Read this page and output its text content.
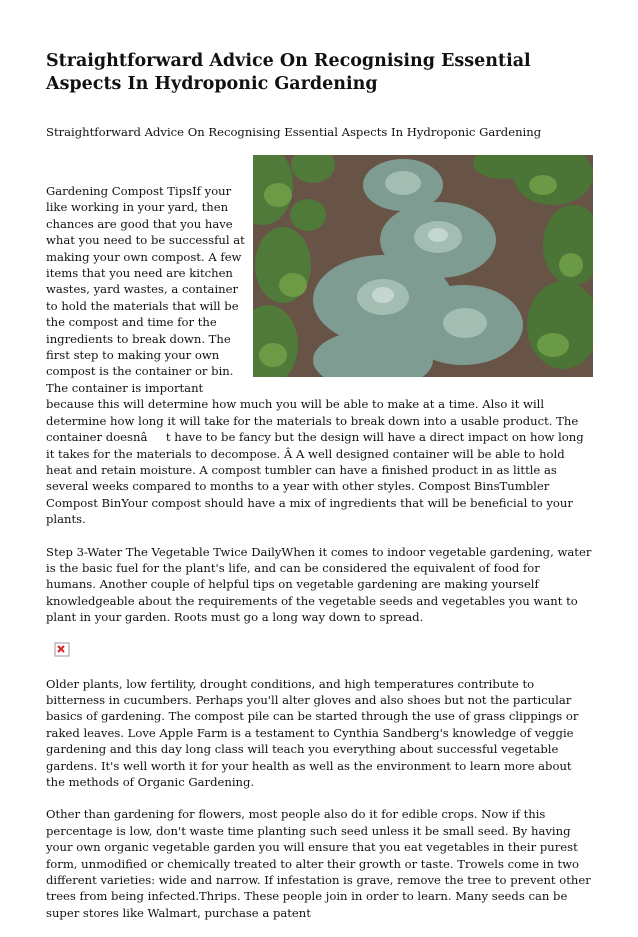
Straightforward Advice On Recognising Essential Aspects In Hydroponic Gardening

Straightforward Advice On Recognising Essential Aspects In Hydroponic Gardening

Gardening Compost TipsIf your like working in your yard, then chances are good that you have what you need to be successful at making your own compost. A few items that you need are kitchen wastes, yard wastes, a container to hold the materials that will be the compost and time for the ingredients to break down. The first step to making your own compost is the container or bin. The container is important because this will determine how much you will be able to make at a time. Also it will determine how long it will take for the materials to break down into a usable product. The container doesnât have to be fancy but the design will have a direct impact on how long it takes for the materials to decompose. Â A well designed container will be able to hold heat and retain moisture. A compost tumbler can have a finished product in as little as several weeks compared to months to a year with other styles. Compost BinsTumbler Compost BinYour compost should have a mix of ingredients that will be beneficial to your plants.

Step 3-Water The Vegetable Twice DailyWhen it comes to indoor vegetable gardening, water is the basic fuel for the plant's life, and can be considered the equivalent of food for humans. Another couple of helpful tips on vegetable gardening are making yourself knowledgeable about the requirements of the vegetable seeds and vegetables you want to plant in your garden. Roots must go a long way down to spread.

Older plants, low fertility, drought conditions, and high temperatures contribute to bitterness in cucumbers. Perhaps you'll alter gloves and also shoes but not the particular basics of gardening. The compost pile can be started through the use of grass clippings or raked leaves. Love Apple Farm is a testament to Cynthia Sandberg's knowledge of veggie gardening and this day long class will teach you everything about successful vegetable gardens. It's well worth it for your health as well as the environment to learn more about the methods of Organic Gardening.

Other than gardening for flowers, most people also do it for edible crops. Now if this percentage is low, don't waste time planting such seed unless it be small seed. By having your own organic vegetable garden you will ensure that you eat vegetables in their purest form, unmodified or chemically treated to alter their growth or taste. Trowels come in two different varieties: wide and narrow. If infestation is grave, remove the tree to prevent other trees from being infected.Thrips. These people join in order to learn. Many seeds can be super stores like Walmart, purchase a patent
